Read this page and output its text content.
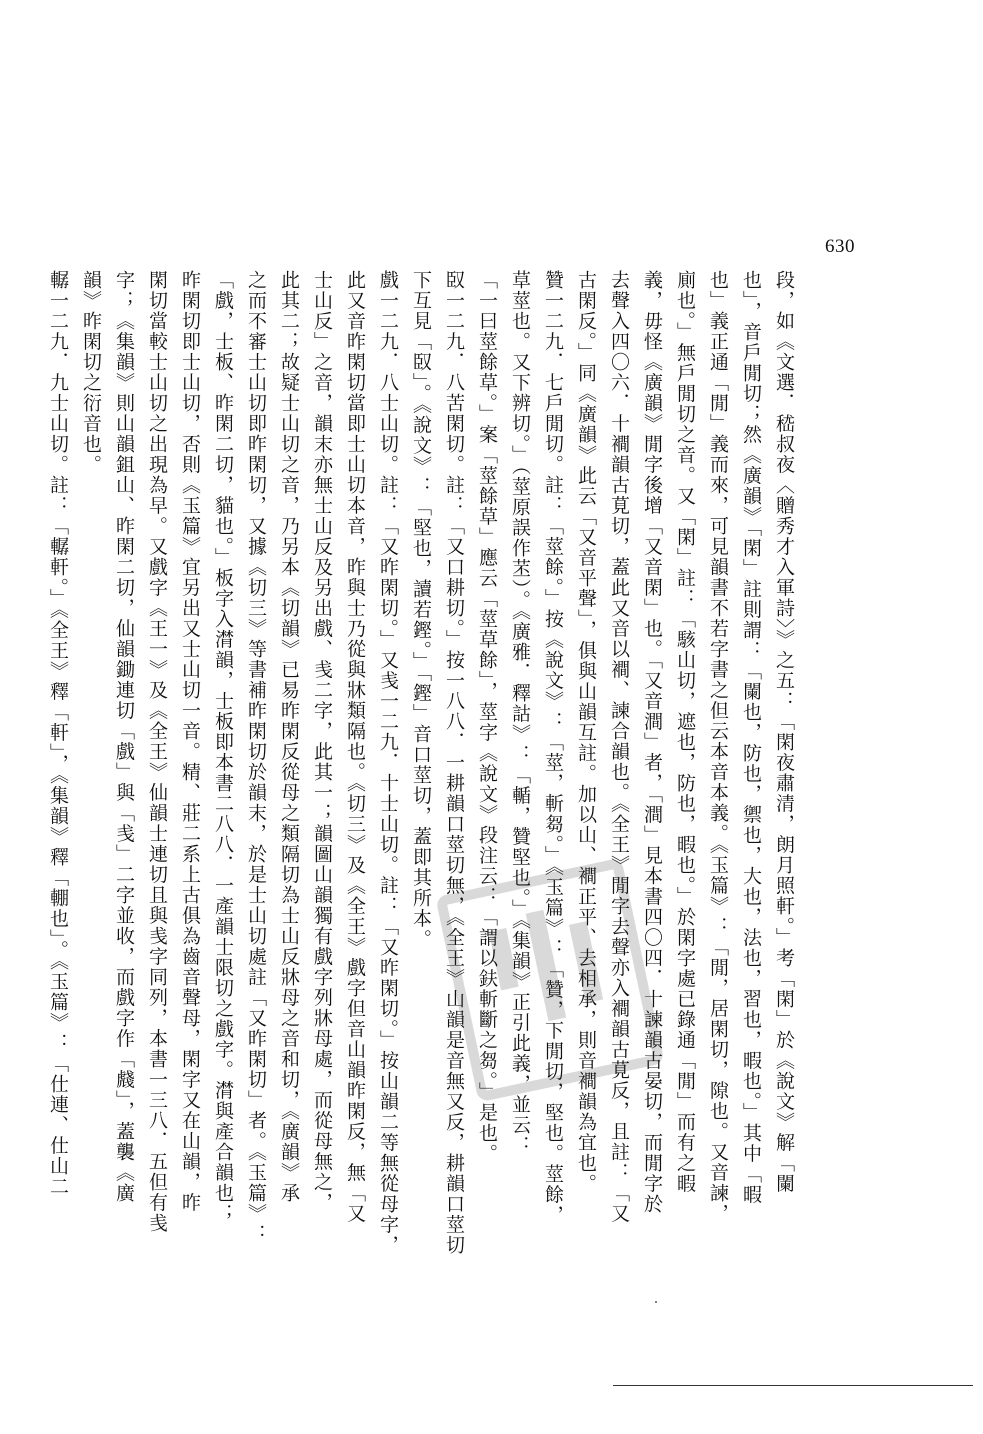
630
段，如《文選．嵇叔夜〈贈秀才入軍詩〉》之五：「閑夜肅清，朗月照軒。」考「閑」於《說文》解「闌
也」，音戶閒切；然《廣韻》「閑」註則謂：「闌也，防也，禦也，大也，法也，習也，暇也。」其中「暇
也」義正通「閒」義而來，可見韻書不若字書之但云本音本義。《玉篇》：「閒，居閑切，隙也。又音諫，
廁也。」無戶閒切之音。又「閑」註：「駭山切，遮也，防也，暇也。」於閑字處已錄通「閒」而有之暇
義，毋怪《廣韻》閒字後增「又音閑」也。「又音澗」者，「澗」見本書四〇四．十諫韻古晏切，而閒字於
去聲入四〇六．十襇韻古莧切，蓋此又音以襇、諫合韻也。《全王》閒字去聲亦入襇韻古莧反，且註：「又
古閑反。」同《廣韻》此云「又音平聲」，俱與山韻互註。加以山、襇正平、去相承，則音襇韻為宜也。
贊一二九．七戶閒切。註：「莖餘。」按《說文》：「莖，斬芻。」《玉篇》：「贊，下閒切，堅也。莖餘，
草莖也。又下辨切。」（莖原誤作苤）。《廣雅．釋詁》：「輴，贊堅也。」《集韻》正引此義，並云：
「一曰莖餘草。」案「莖餘草」應云「莖草餘」，莖字《說文》段注云：「謂以鈇斬斷之芻。」是也。
臤一二九．八苦閑切。註：「又口耕切。」按一八八．一耕韻口莖切無，《全王》山韻是音無又反，耕韻口莖切
下互見「臤」。《說文》：「堅也，讀若鏗。」「鏗」音口莖切，蓋即其所本。
戲一二九．八士山切。註：「又昨閑切。」又㦮一二九．十士山切。註：「又昨閑切。」按山韻二等無從母字，
此又音昨閑切當即士山切本音，昨與士乃從與牀類隔也。《切三》及《全王》戲字但音山韻昨閑反，無「又
士山反」之音，韻末亦無士山反及另出戲、㦮二字，此其一；韻圖山韻獨有戲字列牀母處，而從母無之，
此其二；故疑士山切之音，乃另本《切韻》已易昨閑反從母之類隔切為士山反牀母之音和切，《廣韻》承
之而不審士山切即昨閑切，又據《切三》等書補昨閑切於韻末，於是士山切處註「又昨閑切」者。《玉篇》：
「戲，士板、昨閑二切，貓也。」板字入潸韻，士板即本書二八八．一產韻士限切之戲字。潸與產合韻也；
昨閑切即士山切，否則《玉篇》宜另出又士山切一音。精、莊二系上古俱為齒音聲母，閑字又在山韻，昨
閑切當較士山切之出現為早。又戲字《王一》及《全王》仙韻士連切且與㦮字同列，本書一三八．五但有㦮
字；《集韻》則山韻鉏山、昨閑二切，仙韻鋤連切「戲」與「㦮」二字並收，而戲字作「虥」，蓋襲《廣
韻》昨閑切之衍音也。
轏一二九．九士山切。註：「轏軒。」《全王》釋「軒」，《集韻》釋「輣也」。《玉篇》：「仕連、仕山二
